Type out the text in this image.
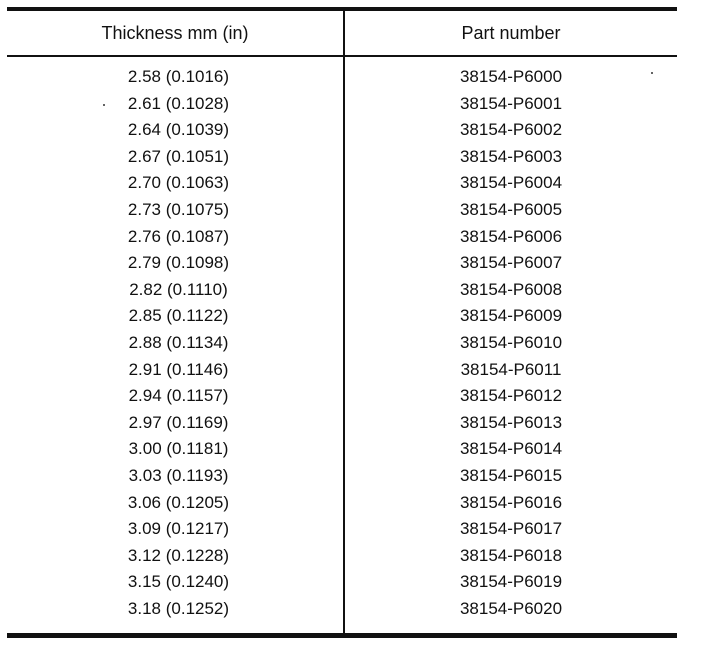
Thickness mm (in)	Part number
2.58 (0.1016)	38154-P6000
2.61 (0.1028)	38154-P6001
2.64 (0.1039)	38154-P6002
2.67 (0.1051)	38154-P6003
2.70 (0.1063)	38154-P6004
2.73 (0.1075)	38154-P6005
2.76 (0.1087)	38154-P6006
2.79 (0.1098)	38154-P6007
2.82 (0.1110)	38154-P6008
2.85 (0.1122)	38154-P6009
2.88 (0.1134)	38154-P6010
2.91 (0.1146)	38154-P6011
2.94 (0.1157)	38154-P6012
2.97 (0.1169)	38154-P6013
3.00 (0.1181)	38154-P6014
3.03 (0.1193)	38154-P6015
3.06 (0.1205)	38154-P6016
3.09 (0.1217)	38154-P6017
3.12 (0.1228)	38154-P6018
3.15 (0.1240)	38154-P6019
3.18 (0.1252)	38154-P6020
